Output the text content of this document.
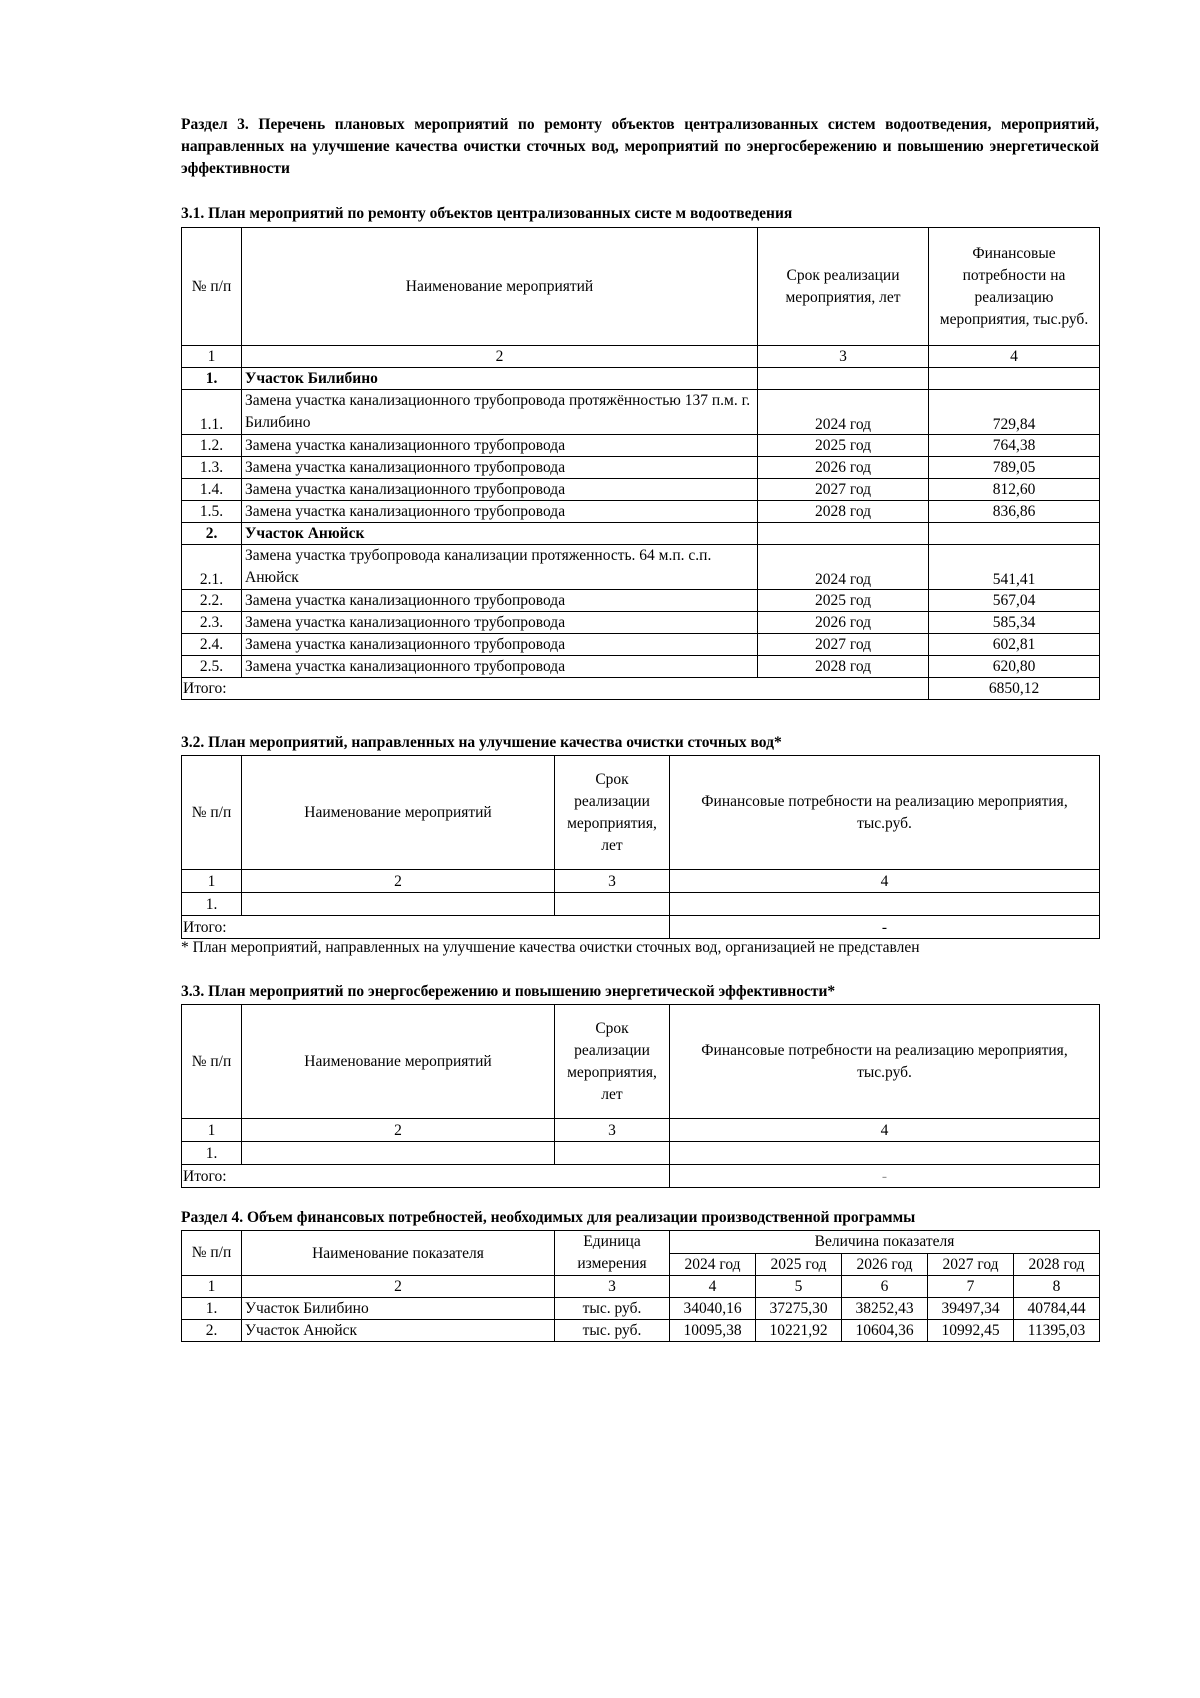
Раздел 3. Перечень плановых мероприятий по ремонту объектов централизованных систем водоотведения, мероприятий, направленных на улучшение качества очистки сточных вод, мероприятий по энергосбережению и повышению энергетической эффективности
3.1. План мероприятий по ремонту объектов централизованных систе м водоотведения
№ п/п	Наименование мероприятий	Срок реализации мероприятия, лет	Финансовые потребности на реализацию мероприятия, тыс.руб.
1	2	3	4
1.	Участок Билибино		
1.1.	Замена участка канализационного трубопровода протяжённостью 137 п.м. г. Билибино	2024 год	729,84
1.2.	Замена участка канализационного трубопровода	2025 год	764,38
1.3.	Замена участка канализационного трубопровода	2026 год	789,05
1.4.	Замена участка канализационного трубопровода	2027 год	812,60
1.5.	Замена участка канализационного трубопровода	2028 год	836,86
2.	Участок Анюйск		
2.1.	Замена участка трубопровода канализации протяженность. 64 м.п. с.п. Анюйск	2024 год	541,41
2.2.	Замена участка канализационного трубопровода	2025 год	567,04
2.3.	Замена участка канализационного трубопровода	2026 год	585,34
2.4.	Замена участка канализационного трубопровода	2027 год	602,81
2.5.	Замена участка канализационного трубопровода	2028 год	620,80
Итого:			6850,12
3.2. План мероприятий, направленных на улучшение качества очистки сточных вод*
№ п/п	Наименование мероприятий	Срок реализации мероприятия, лет	Финансовые потребности на реализацию мероприятия, тыс.руб.
1	2	3	4
1.			
Итого:			-
* План мероприятий, направленных на улучшение качества очистки сточных вод, организацией не представлен
3.3. План мероприятий по энергосбережению и повышению энергетической эффективности*
№ п/п	Наименование мероприятий	Срок реализации мероприятия, лет	Финансовые потребности на реализацию мероприятия, тыс.руб.
1	2	3	4
1.			
Итого:			-
Раздел 4. Объем финансовых потребностей, необходимых для реализации производственной программы
№ п/п	Наименование показателя	Единица измерения	Величина показателя				
			2024 год	2025 год	2026 год	2027 год	2028 год
1	2	3	4	5	6	7	8
1.	Участок Билибино	тыс. руб.	34040,16	37275,30	38252,43	39497,34	40784,44
2.	Участок Анюйск	тыс. руб.	10095,38	10221,92	10604,36	10992,45	11395,03
